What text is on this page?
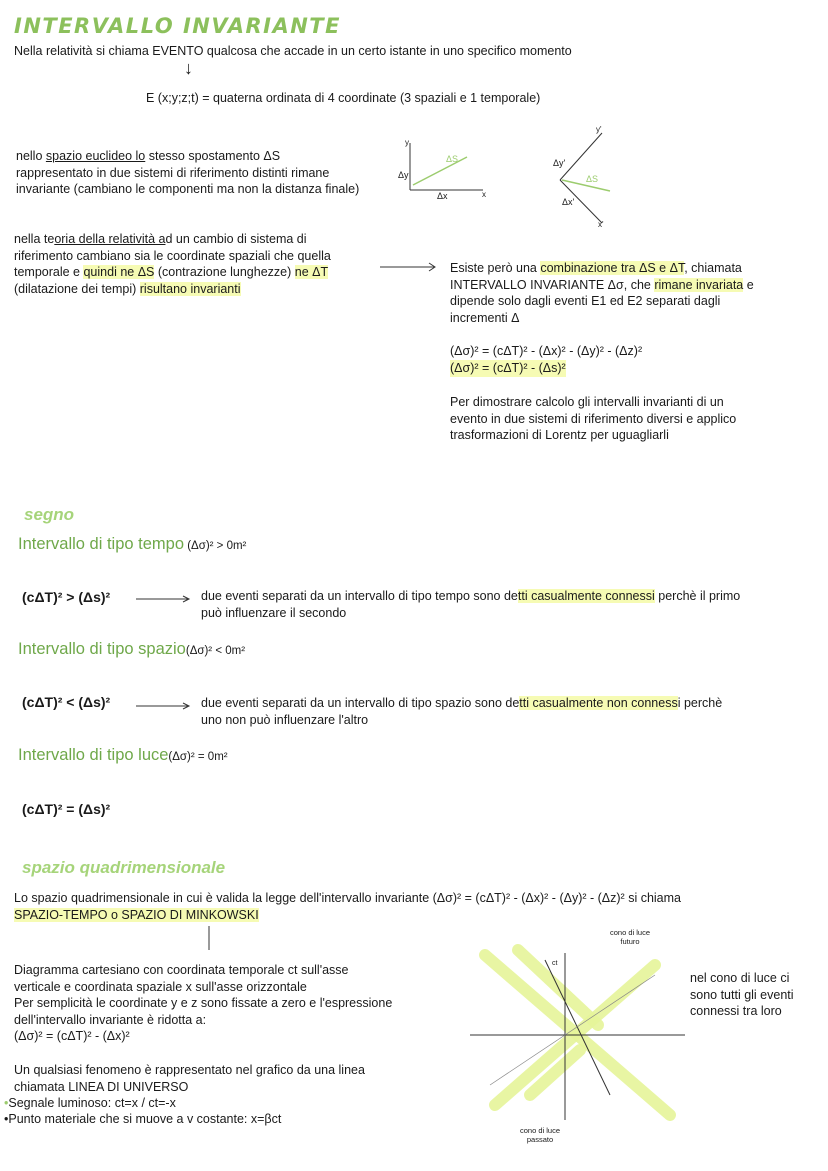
INTERVALLO INVARIANTE
Nella relatività si chiama EVENTO qualcosa che accade in un certo istante in uno specifico momento
↓
E (x;y;z;t) = quaterna ordinata di 4 coordinate (3 spaziali e 1 temporale)
nello spazio euclideo lo stesso spostamento ΔS
rappresentato in due sistemi di riferimento distinti rimane
invariante (cambiano le componenti ma non la distanza finale)
y
x
ΔS
Δy
Δx
y'
x'
ΔS
Δy'
Δx'
nella teoria della relatività ad un cambio di sistema di
riferimento cambiano sia le coordinate spaziali che quella
temporale e quindi ne ΔS (contrazione lunghezze) ne ΔT
(dilatazione dei tempi) risultano invarianti
Esiste però una combinazione tra ΔS e ΔT, chiamata
INTERVALLO INVARIANTE Δσ, che rimane invariata e
dipende solo dagli eventi E1 ed E2 separati dagli
incrementi Δ
(Δσ)² = (cΔT)² - (Δx)² - (Δy)² - (Δz)²
(Δσ)² = (cΔT)² - (Δs)²
Per dimostrare calcolo gli intervalli invarianti di un
evento in due sistemi di riferimento diversi e applico
trasformazioni di Lorentz per uguagliarli
segno
Intervallo di tipo tempo (Δσ)² > 0m²
(cΔT)² > (Δs)²	due eventi separati da un intervallo di tipo tempo sono detti casualmente connessi perchè il primo
può influenzare il secondo
Intervallo di tipo spazio(Δσ)² < 0m²
(cΔT)² < (Δs)²	due eventi separati da un intervallo di tipo spazio sono detti casualmente non connessi perchè
uno non può influenzare l'altro
Intervallo di tipo luce(Δσ)² = 0m²
(cΔT)² = (Δs)²
spazio quadrimensionale
Lo spazio quadrimensionale in cui è valida la legge dell'intervallo invariante (Δσ)² = (cΔT)² - (Δx)² - (Δy)² - (Δz)² si chiama
SPAZIO-TEMPO o SPAZIO DI MINKOWSKI
Diagramma cartesiano con coordinata temporale ct sull'asse
verticale e coordinata spaziale x sull'asse orizzontale
Per semplicità le coordinate y e z sono fissate a zero e l'espressione
dell'intervallo invariante è ridotta a:
(Δσ)² = (cΔT)² - (Δx)²
Un qualsiasi fenomeno è rappresentato nel grafico da una linea
chiamata LINEA DI UNIVERSO
•Segnale luminoso: ct=x / ct=-x
•Punto materiale che si muove a v costante: x=βct
cono di luce futuro
cono di luce passato
ct
nel cono di luce ci
sono tutti gli eventi
connessi tra loro
